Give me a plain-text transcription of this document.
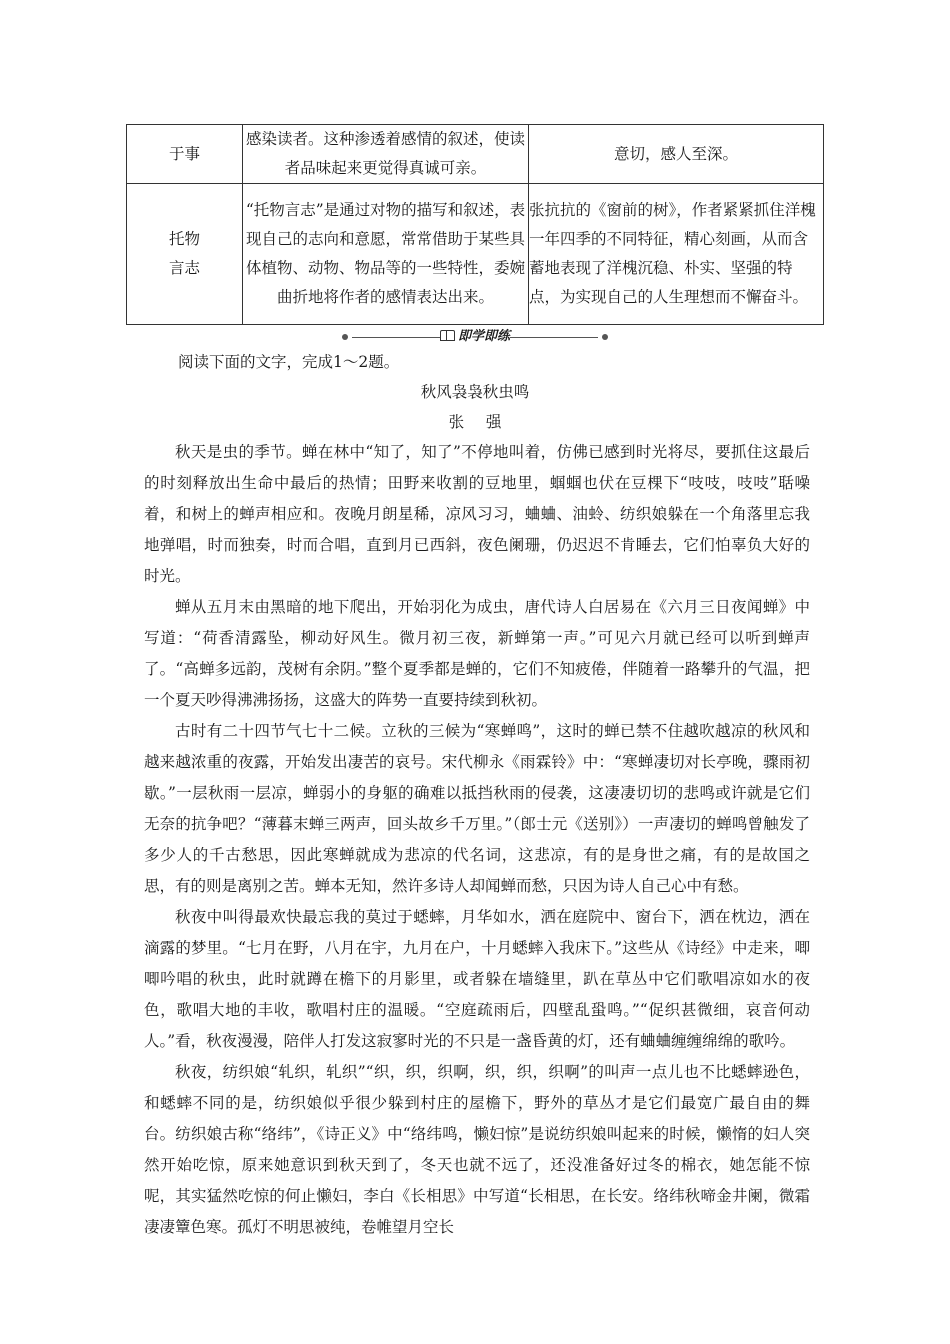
于事	感染读者。这种渗透着感情的叙述，使读者品味起来更觉得真诚可亲。	意切，感人至深。

托物
言志	“托物言志”是通过对物的描写和叙述，表现自己的志向和意愿，常常借助于某些具体植物、动物、物品等的一些特性，委婉曲折地将作者的感情表达出来。	张抗抗的《窗前的树》，作者紧紧抓住洋槐一年四季的不同特征，精心刻画，从而含蓄地表现了洋槐沉稳、朴实、坚强的特点，为实现自己的人生理想而不懈奋斗。
即学即练
阅读下面的文字，完成1～2题。
秋风袅袅秋虫鸣
张强

秋天是虫的季节。蝉在林中“知了，知了”不停地叫着，仿佛已感到时光将尽，要抓住这最后的时刻释放出生命中最后的热情；田野来收割的豆地里，蝈蝈也伏在豆棵下“吱吱，吱吱”聒噪着，和树上的蝉声相应和。夜晚月朗星稀，凉风习习，蛐蛐、油蛉、纺织娘躲在一个角落里忘我地弹唱，时而独奏，时而合唱，直到月已西斜，夜色阑珊，仍迟迟不肯睡去，它们怕辜负大好的时光。

蝉从五月末由黑暗的地下爬出，开始羽化为成虫，唐代诗人白居易在《六月三日夜闻蝉》中写道：“荷香清露坠，柳动好风生。微月初三夜，新蝉第一声。”可见六月就已经可以听到蝉声了。“高蝉多远韵，茂树有余阴。”整个夏季都是蝉的，它们不知疲倦，伴随着一路攀升的气温，把一个夏天吵得沸沸扬扬，这盛大的阵势一直要持续到秋初。

古时有二十四节气七十二候。立秋的三候为“寒蝉鸣”，这时的蝉已禁不住越吹越凉的秋风和越来越浓重的夜露，开始发出凄苦的哀号。宋代柳永《雨霖铃》中：“寒蝉凄切对长亭晚，骤雨初歇。”一层秋雨一层凉，蝉弱小的身躯的确难以抵挡秋雨的侵袭，这凄凄切切的悲鸣或许就是它们无奈的抗争吧？“薄暮末蝉三两声，回头故乡千万里。”（郎士元《送别》）一声凄切的蝉鸣曾触发了多少人的千古愁思，因此寒蝉就成为悲凉的代名词，这悲凉，有的是身世之痛，有的是故国之思，有的则是离别之苦。蝉本无知，然许多诗人却闻蝉而愁，只因为诗人自己心中有愁。

秋夜中叫得最欢快最忘我的莫过于蟋蟀，月华如水，洒在庭院中、窗台下，洒在枕边，洒在滴露的梦里。“七月在野，八月在宇，九月在户，十月蟋蟀入我床下。”这些从《诗经》中走来，唧唧吟唱的秋虫，此时就蹲在檐下的月影里，或者躲在墙缝里，趴在草丛中它们歌唱凉如水的夜色，歌唱大地的丰收，歌唱村庄的温暖。“空庭疏雨后，四壁乱蛩鸣。”“促织甚微细，哀音何动人。”看，秋夜漫漫，陪伴人打发这寂寥时光的不只是一盏昏黄的灯，还有蛐蛐缠缠绵绵的歌吟。

秋夜，纺织娘“轧织，轧织”“织，织，织啊，织，织，织啊”的叫声一点儿也不比蟋蟀逊色，和蟋蟀不同的是，纺织娘似乎很少躲到村庄的屋檐下，野外的草丛才是它们最宽广最自由的舞台。纺织娘古称“络纬”，《诗正义》中“络纬鸣，懒妇惊”是说纺织娘叫起来的时候，懒惰的妇人突然开始吃惊，原来她意识到秋天到了，冬天也就不远了，还没准备好过冬的棉衣，她怎能不惊呢，其实猛然吃惊的何止懒妇，李白《长相思》中写道“长相思，在长安。络纬秋啼金井阑，微霜凄凄簟色寒。孤灯不明思被纯，卷帷望月空长
